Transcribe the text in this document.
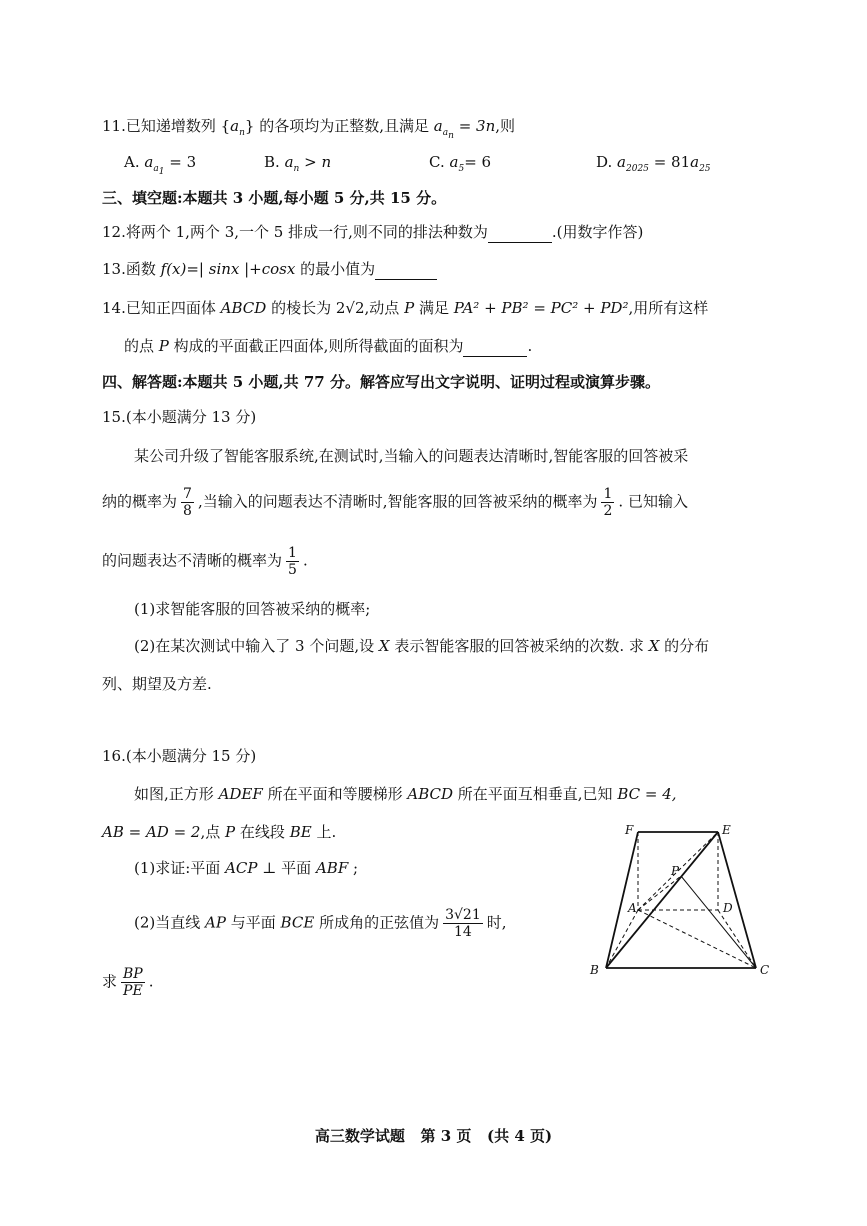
11.已知递增数列 $\{a_n\}$ 的各项均为正整数,且满足 $a_{a_n} = 3n$,则
A. $a_{a_1} = 3$	B. $a_n > n$	C. $a_5= 6$	D. $a_{2025} = 81a_{25}$
三、填空题:本题共 3 小题,每小题 5 分,共 15 分。
12.将两个 1,两个 3,一个 5 排成一行,则不同的排法种数为	.(用数字作答)
13.函数 f(x)=| sinx |+cosx 的最小值为
14.已知正四面体 ABCD 的棱长为 2√2,动点 P 满足 PA² + PB² = PC² + PD²,用所有这样
的点 P 构成的平面截正四面体,则所得截面的面积为	.
四、解答题:本题共 5 小题,共 77 分。解答应写出文字说明、证明过程或演算步骤。
15.(本小题满分 13 分)
某公司升级了智能客服系统,在测试时,当输入的问题表达清晰时,智能客服的回答被采
纳的概率为 $\frac{7}{8}$ ,当输入的问题表达不清晰时,智能客服的回答被采纳的概率为 $\frac{1}{2}$ . 已知输入
的问题表达不清晰的概率为 $\frac{1}{5}$ .
(1)求智能客服的回答被采纳的概率;
(2)在某次测试中输入了 3 个问题,设 X 表示智能客服的回答被采纳的次数. 求 X 的分布
列、期望及方差.
16.(本小题满分 15 分)
如图,正方形 ADEF 所在平面和等腰梯形 ABCD 所在平面互相垂直,已知 BC = 4,
AB = AD = 2,点 P 在线段 BE 上.
(1)求证:平面 ACP ⊥ 平面 ABF ;
(2)当直线 AP 与平面 BCE 所成角的正弦值为 $\frac{3√21}{14}$ 时,
求 $\frac{BP}{PE}$ .
F	E
P
A	D
B	C
高三数学试题   第 3 页   (共 4 页)
